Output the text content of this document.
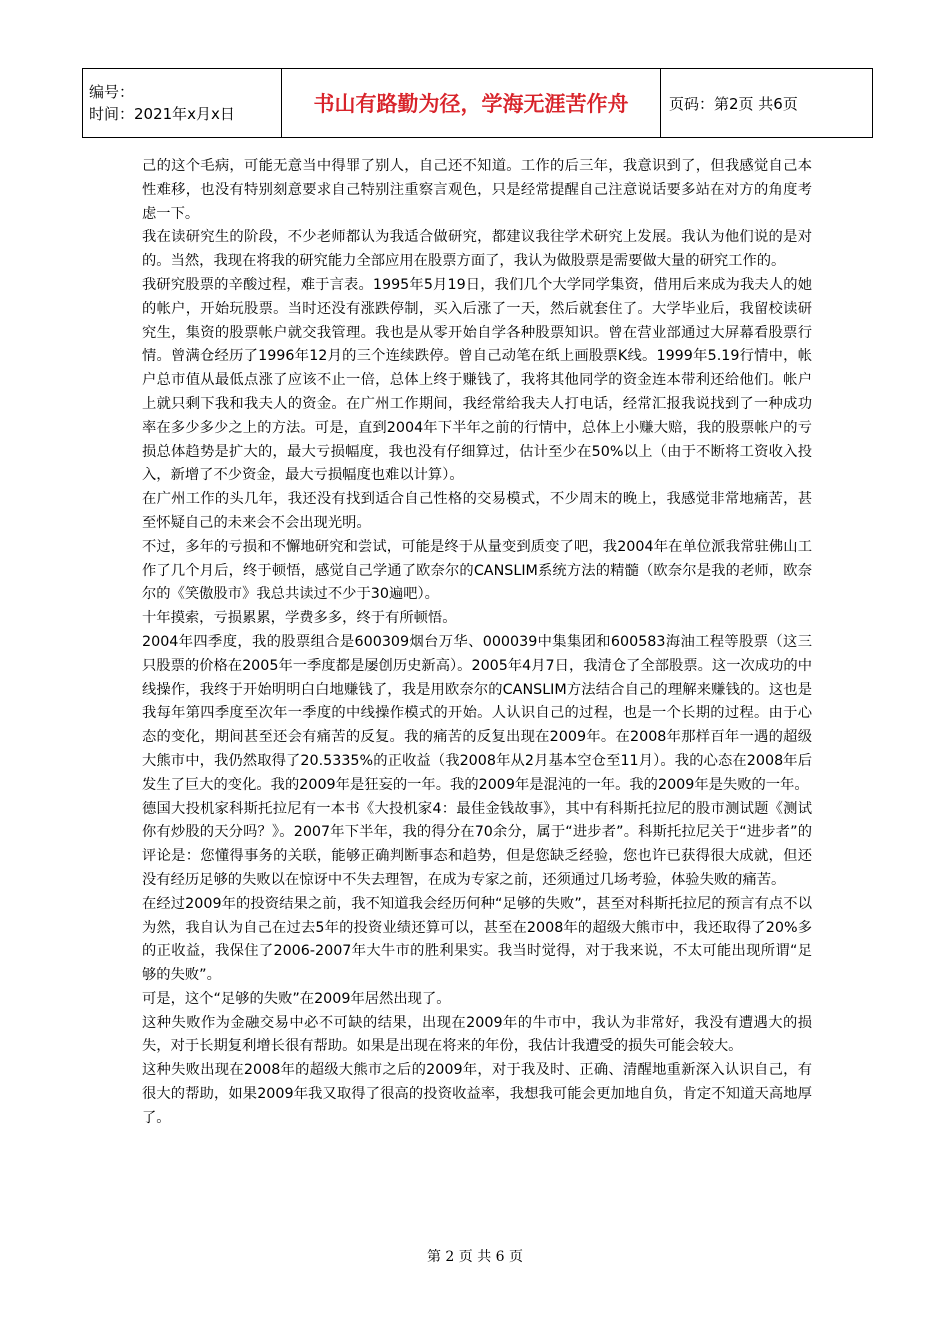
编号：
时间：2021年x月x日	书山有路勤为径，学海无涯苦作舟	页码：第2页 共6页

己的这个毛病，可能无意当中得罪了别人，自己还不知道。工作的后三年，我意识到了，但我感觉自己本性难移，也没有特别刻意要求自己特别注重察言观色，只是经常提醒自己注意说话要多站在对方的角度考虑一下。

我在读研究生的阶段，不少老师都认为我适合做研究，都建议我往学术研究上发展。我认为他们说的是对的。当然，我现在将我的研究能力全部应用在股票方面了，我认为做股票是需要做大量的研究工作的。

我研究股票的辛酸过程，难于言表。1995年5月19日，我们几个大学同学集资，借用后来成为我夫人的她的帐户，开始玩股票。当时还没有涨跌停制，买入后涨了一天，然后就套住了。大学毕业后，我留校读研究生，集资的股票帐户就交我管理。我也是从零开始自学各种股票知识。曾在营业部通过大屏幕看股票行情。曾满仓经历了1996年12月的三个连续跌停。曾自己动笔在纸上画股票K线。1999年5.19行情中，帐户总市值从最低点涨了应该不止一倍，总体上终于赚钱了，我将其他同学的资金连本带利还给他们。帐户上就只剩下我和我夫人的资金。在广州工作期间，我经常给我夫人打电话，经常汇报我说找到了一种成功率在多少多少之上的方法。可是，直到2004年下半年之前的行情中，总体上小赚大赔，我的股票帐户的亏损总体趋势是扩大的，最大亏损幅度，我也没有仔细算过，估计至少在50%以上（由于不断将工资收入投入，新增了不少资金，最大亏损幅度也难以计算）。

在广州工作的头几年，我还没有找到适合自己性格的交易模式，不少周末的晚上，我感觉非常地痛苦，甚至怀疑自己的未来会不会出现光明。

不过，多年的亏损和不懈地研究和尝试，可能是终于从量变到质变了吧，我2004年在单位派我常驻佛山工作了几个月后，终于顿悟，感觉自己学通了欧奈尔的CANSLIM系统方法的精髓（欧奈尔是我的老师，欧奈尔的《笑傲股市》我总共读过不少于30遍吧）。

十年摸索，亏损累累，学费多多，终于有所顿悟。

2004年四季度，我的股票组合是600309烟台万华、000039中集集团和600583海油工程等股票（这三只股票的价格在2005年一季度都是屡创历史新高）。2005年4月7日，我清仓了全部股票。这一次成功的中线操作，我终于开始明明白白地赚钱了，我是用欧奈尔的CANSLIM方法结合自己的理解来赚钱的。这也是我每年第四季度至次年一季度的中线操作模式的开始。人认识自己的过程，也是一个长期的过程。由于心态的变化，期间甚至还会有痛苦的反复。我的痛苦的反复出现在2009年。在2008年那样百年一遇的超级大熊市中，我仍然取得了20.5335%的正收益（我2008年从2月基本空仓至11月）。我的心态在2008年后发生了巨大的变化。我的2009年是狂妄的一年。我的2009年是混沌的一年。我的2009年是失败的一年。

德国大投机家科斯托拉尼有一本书《大投机家4：最佳金钱故事》，其中有科斯托拉尼的股市测试题《测试你有炒股的天分吗？》。2007年下半年，我的得分在70余分，属于“进步者”。科斯托拉尼关于“进步者”的评论是：您懂得事务的关联，能够正确判断事态和趋势，但是您缺乏经验，您也许已获得很大成就，但还没有经历足够的失败以在惊讶中不失去理智，在成为专家之前，还须通过几场考验，体验失败的痛苦。

在经过2009年的投资结果之前，我不知道我会经历何种“足够的失败”，甚至对科斯托拉尼的预言有点不以为然，我自认为自己在过去5年的投资业绩还算可以，甚至在2008年的超级大熊市中，我还取得了20%多的正收益，我保住了2006-2007年大牛市的胜利果实。我当时觉得，对于我来说，不太可能出现所谓“足够的失败”。

可是，这个“足够的失败”在2009年居然出现了。

这种失败作为金融交易中必不可缺的结果，出现在2009年的牛市中，我认为非常好，我没有遭遇大的损失，对于长期复利增长很有帮助。如果是出现在将来的年份，我估计我遭受的损失可能会较大。

这种失败出现在2008年的超级大熊市之后的2009年，对于我及时、正确、清醒地重新深入认识自己，有很大的帮助，如果2009年我又取得了很高的投资收益率，我想我可能会更加地自负，肯定不知道天高地厚了。

第 2 页 共 6 页
